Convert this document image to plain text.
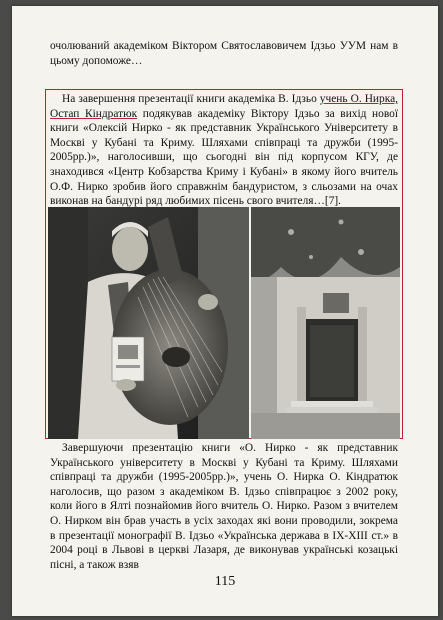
очолюваний академіком Віктором Святославовичем Ідзьо УУМ нам в цьому допоможе…
На завершення презентації книги академіка В. Ідзьо учень О. Нирка, Остап Кіндратюк подякував академіку Віктору Ідзьо за вихід нової книги «Олексій Нирко - як представник Українського Університету в Москві у Кубані та Криму. Шляхами співпраці та дружби (1995-2005рр.)», наголосивши, що сьогодні він під корпусом КГУ, де знаходився «Центр Кобзарства Криму і Кубані» в якому його вчитель О.Ф. Нирко зробив його справжнім бандуристом, з сльозами на очах виконав на бандурі ряд любимих пісень свого вчителя…[7].
Завершуючи презентацію книги «О. Нирко - як представник Українського університету в Москві у Кубані та Криму. Шляхами співпраці та дружби (1995-2005рр.)», учень О. Нирка О. Кіндратюк наголосив, що разом з академіком В. Ідзьо співпрацює з 2002 року, коли його в Ялті познайомив його вчитель О. Нирко. Разом з вчителем О. Нирком він брав участь в усіх заходах які вони проводили, зокрема в презентації монографії В. Ідзьо «Українська держава в IX-XIII ст.» в 2004 році в Львові в церкві Лазаря, де виконував українські козацькі пісні, а також взяв
115
